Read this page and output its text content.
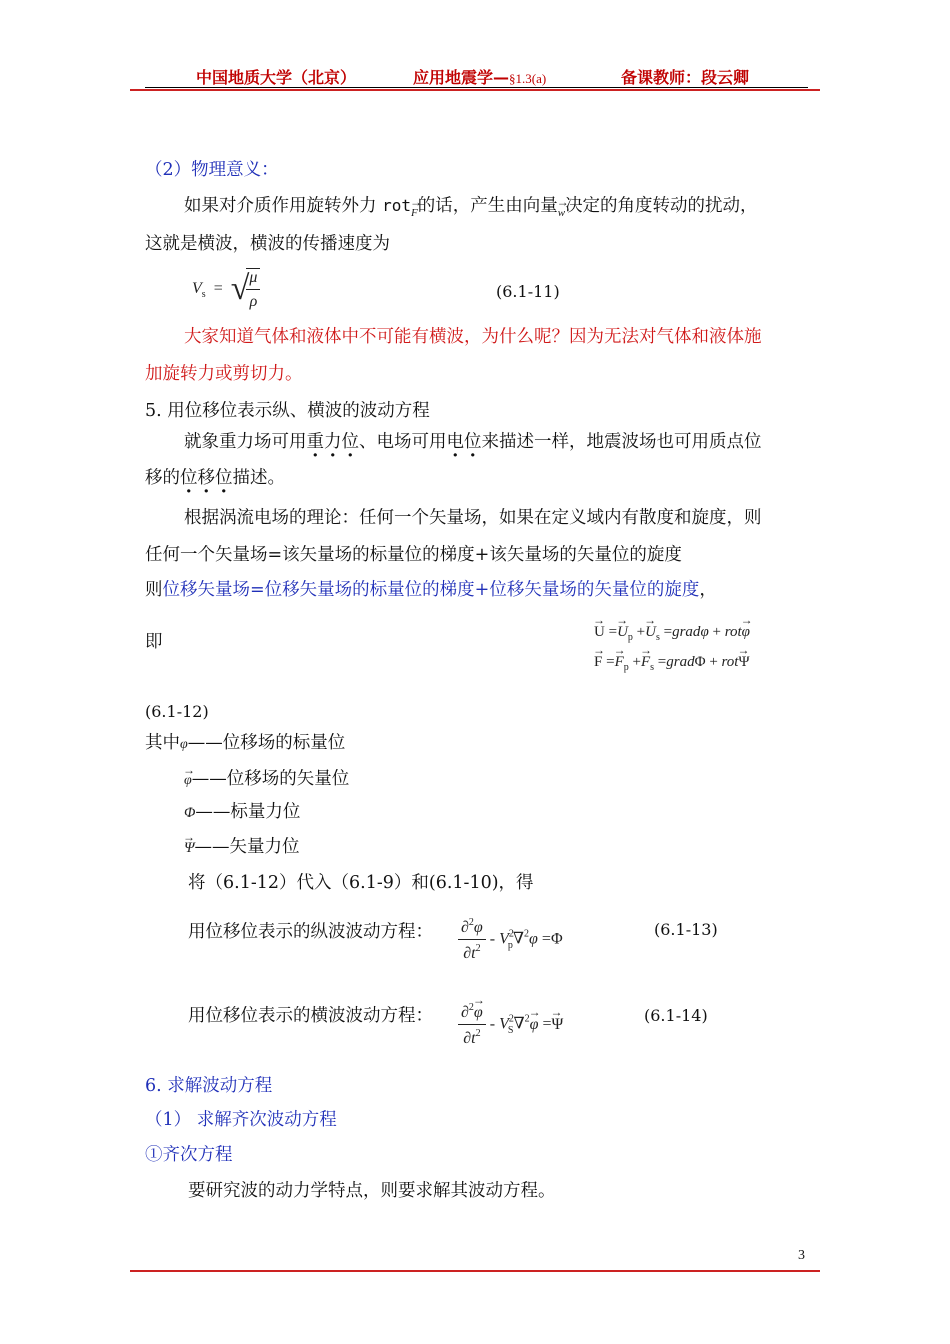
中国地质大学（北京）	应用地震学—§1.3(a)	备课教师：段云卿
（2）物理意义：
如果对介质作用旋转外力 rot→ $_F$的话，产生由向量→ $_w$决定的角度转动的扰动，
这就是横波，横波的传播速度为
$V_s$ = √
$\frac{\mu}{\rho}$	(6.1-11)
大家知道气体和液体中不可能有横波，为什么呢？因为无法对气体和液体施
加旋转力或剪切力。
5. 用位移位表示纵、横波的波动方程
就象重力场可用重力位、电场可用电位来描述一样，地震波场也可用质点位
移的位移位描述。
根据涡流电场的理论：任何一个矢量场，如果在定义域内有散度和旋度，则
任何一个矢量场=该矢量场的标量位的梯度+该矢量场的矢量位的旋度
则位移矢量场=位移矢量场的标量位的梯度+位移矢量场的矢量位的旋度，
即
→	$U =\to U_p +\to U_s$ =gradφ + rot→ φ
→ $F =\to F_p +\to F_s$ =gradΦ + rot→ Ψ
(6.1-12)
其中φ——位移场的标量位
→ φ——位移场的矢量位
Φ——标量力位
→ Ψ——矢量力位
将（6.1-12）代入（6.1-9）和(6.1-10)，得
用位移位表示的纵波波动方程： $\frac{\partial^2\varphi}{\partial t^2} - V^2_p\nabla^2\varphi =\Phi$
(6.1-13)
用位移位表示的横波波动方程： $\frac{\partial^2\to \varphi}{\partial t^2} - V^2_S\nabla^2\to \varphi =\to \Psi$	(6.1-14)
6. 求解波动方程
（1） 求解齐次波动方程
①齐次方程
要研究波的动力学特点，则要求解其波动方程。
3
